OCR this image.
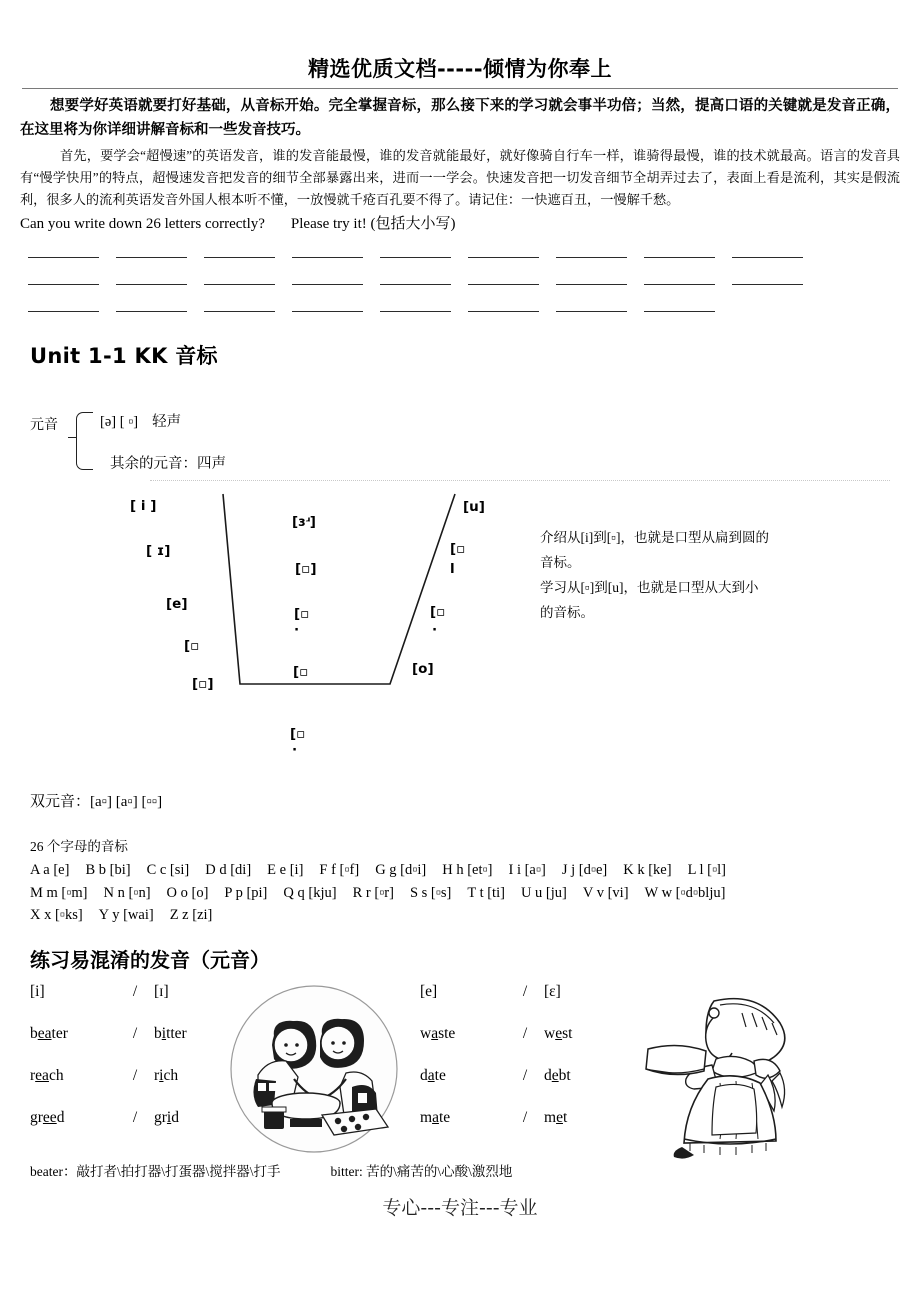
精选优质文档-----倾情为你奉上
想要学好英语就要打好基础，从音标开始。完全掌握音标，那么接下来的学习就会事半功倍；当然，提高口语的关键就是发音正确，在这里将为你详细讲解音标和一些发音技巧。
首先，要学会“超慢速”的英语发音，谁的发音能最慢，谁的发音就能最好，就好像骑自行车一样，谁骑得最慢，谁的技术就最高。语言的发音具有“慢学快用”的特点，超慢速发音把发音的细节全部暴露出来，进而一一学会。快速发音把一切发音细节全胡弄过去了，表面上看是流利，其实是假流利，很多人的流利英语发音外国人根本听不懂，一放慢就千疮百孔要不得了。请记住：一快遮百丑，一慢解千愁。
Can you write down 26 letters correctly? Please try it! (包括大小写)
Unit 1-1 KK 音标
元音	[ə] [ ▫] 轻声
其余的元音：四声
[ i ]
[ ɪ]
[e]
[▫
[▫]
[ɜʴ]
[▫]
[▫
·
[▫
[u]
[▫
l
[▫
·
[o]
[▫
·
介绍从[i]到[▫]，也就是口型从扁到圆的
音标。
学习从[▫]到[u]，也就是口型从大到小
的音标。
双元音：[a▫] [a▫] [▫▫]
26 个字母的音标
A a [e] B b [bi] C c [si] D d [di] E e [i] F f [▫f] G g [d▫i] H h [et▫] I i [a▫] J j [d▫e] K k [ke] L l [▫l]
M m [▫m] N n [▫n] O o [o] P p [pi] Q q [kju] R r [▫r] S s [▫s] T t [ti] U u [ju] V v [vi] W w [▫d▫blju]
X x [▫ks] Y y [wai] Z z [zi]
练习易混淆的发音（元音）
[i]	/	[ɪ]
beater	/	bitter
reach	/	rich
greed	/	grid
[e]	/	[ɛ]
waste	/	west
date	/	debt
mate	/	met
beater：敲打者\拍打器\打蛋器\搅拌器\打手	bitter: 苦的\痛苦的\心酸\激烈地
专心---专注---专业
